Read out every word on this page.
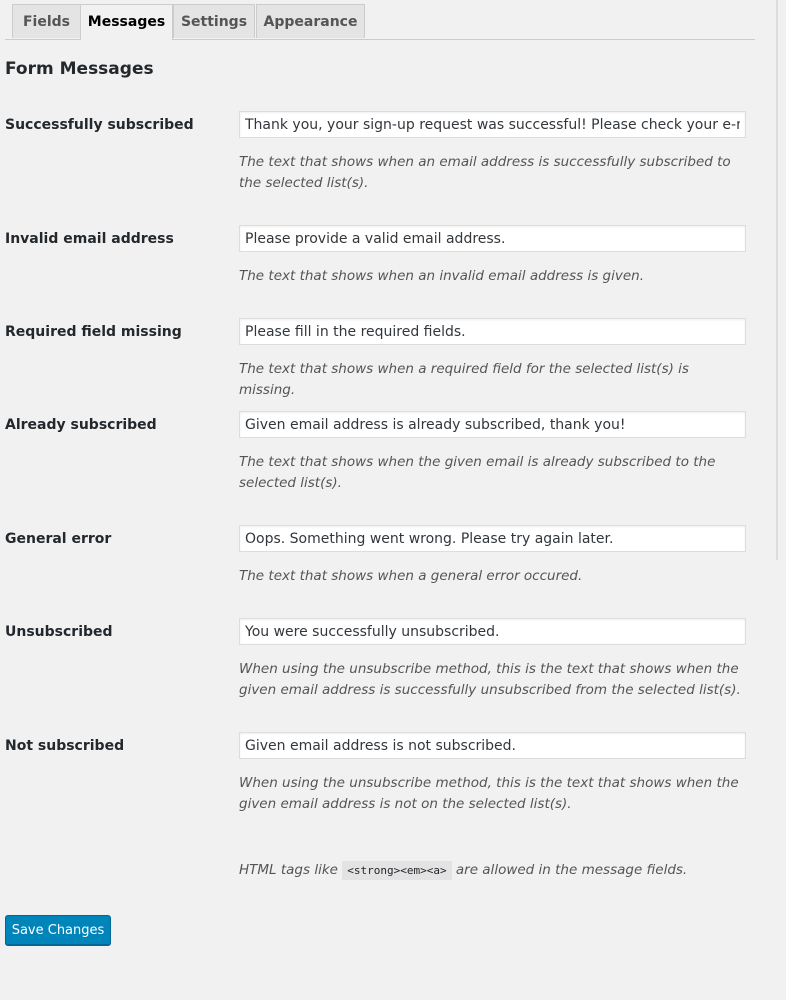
Fields	Messages	Settings	Appearance
Form Messages
Successfully subscribed
Thank you, your sign-up request was successful! Please check your e-mail inbox.

The text that shows when an email address is successfully subscribed to the selected list(s).

Invalid email address
Please provide a valid email address.

The text that shows when an invalid email address is given.

Required field missing
Please fill in the required fields.

The text that shows when a required field for the selected list(s) is missing.

Already subscribed
Given email address is already subscribed, thank you!

The text that shows when the given email is already subscribed to the selected list(s).

General error
Oops. Something went wrong. Please try again later.

The text that shows when a general error occured.

Unsubscribed
You were successfully unsubscribed.

When using the unsubscribe method, this is the text that shows when the given email address is successfully unsubscribed from the selected list(s).

Not subscribed
Given email address is not subscribed.

When using the unsubscribe method, this is the text that shows when the given email address is not on the selected list(s).

HTML tags like <strong><em><a> are allowed in the message fields.
Save Changes
